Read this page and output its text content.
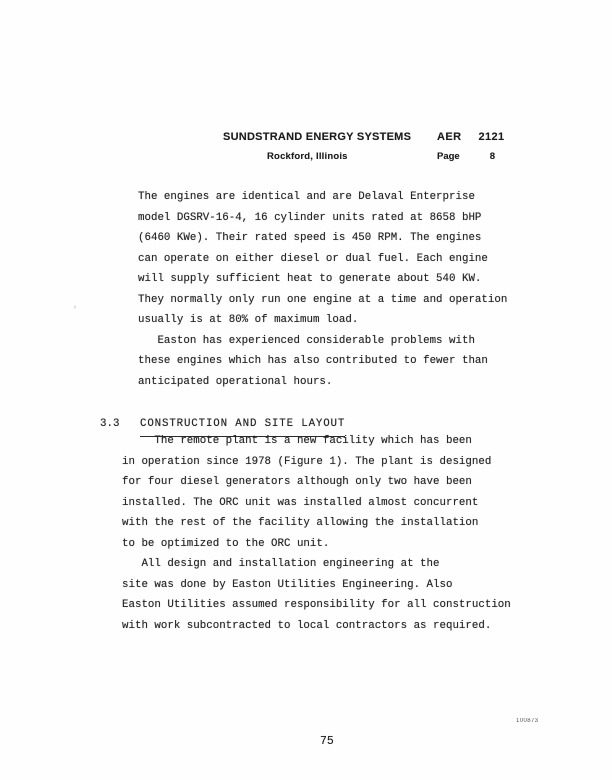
SUNDSTRAND ENERGY SYSTEMS
Rockford, Illinois
AER 2121
Page	8
The engines are identical and are Delaval Enterprise
model DGSRV-16-4, 16 cylinder units rated at 8658 bHP
(6460 KWe). Their rated speed is 450 RPM. The engines
can operate on either diesel or dual fuel. Each engine
will supply sufficient heat to generate about 540 KW.
They normally only run one engine at a time and operation
usually is at 80% of maximum load.
Easton has experienced considerable problems with
these engines which has also contributed to fewer than
anticipated operational hours.
'
3.3 CONSTRUCTION AND SITE LAYOUT
The remote plant is a new facility which has been
in operation since 1978 (Figure 1). The plant is designed
for four diesel generators although only two have been
installed. The ORC unit was installed almost concurrent
with the rest of the facility allowing the installation
to be optimized to the ORC unit.
All design and installation engineering at the
site was done by Easton Utilities Engineering. Also
Easton Utilities assumed responsibility for all construction
with work subcontracted to local contractors as required.
100873
75
